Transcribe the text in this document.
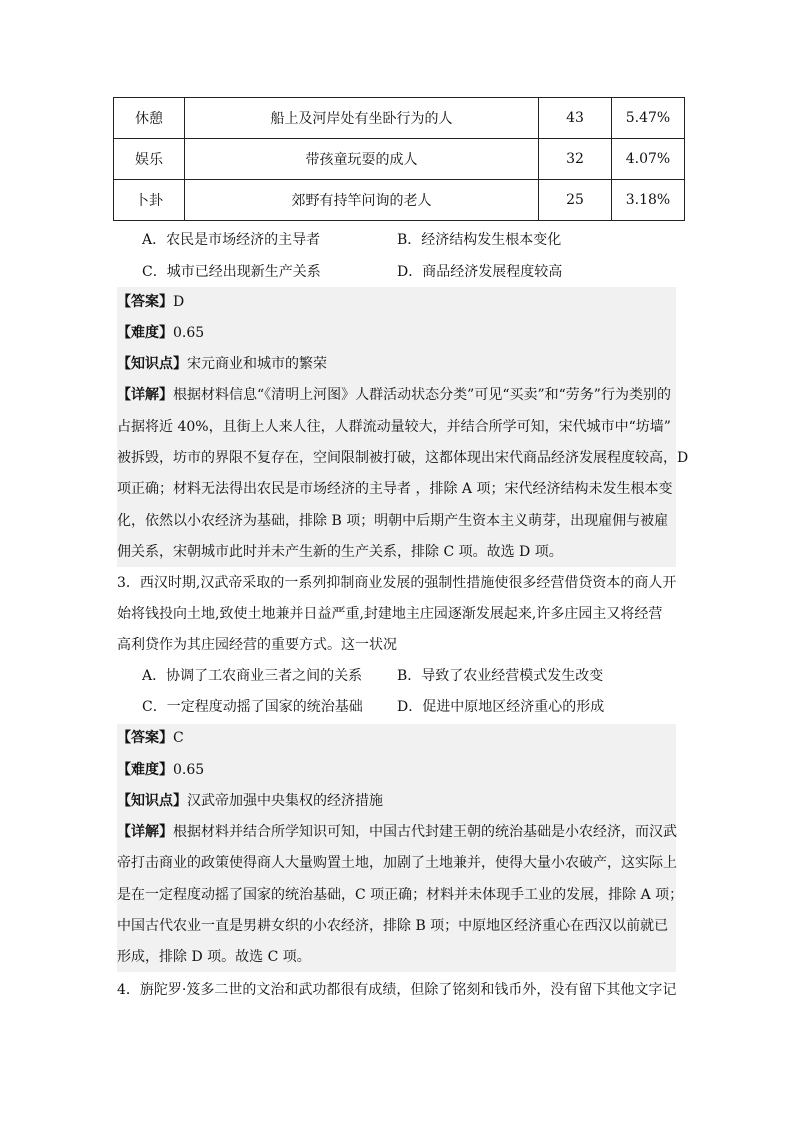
休憩	船上及河岸处有坐卧行为的人	43	5.47%
娱乐	带孩童玩耍的成人	32	4.07%
卜卦	郊野有持竿问询的老人	25	3.18%
A．农民是市场经济的主导者	B．经济结构发生根本变化
C．城市已经出现新生产关系	D．商品经济发展程度较高
【答案】D
【难度】0.65
【知识点】宋元商业和城市的繁荣
【详解】根据材料信息“《清明上河图》人群活动状态分类”可见“买卖”和“劳务”行为类别的
占据将近 40%，且街上人来人往，人群流动量较大，并结合所学可知，宋代城市中“坊墙”
被拆毁，坊市的界限不复存在，空间限制被打破，这都体现出宋代商品经济发展程度较高，D
项正确；材料无法得出农民是市场经济的主导者 ，排除 A 项；宋代经济结构未发生根本变
化，依然以小农经济为基础，排除 B 项；明朝中后期产生资本主义萌芽，出现雇佣与被雇
佣关系，宋朝城市此时并未产生新的生产关系，排除 C 项。故选 D 项。
3．西汉时期,汉武帝采取的一系列抑制商业发展的强制性措施使很多经营借贷资本的商人开
始将钱投向土地,致使土地兼并日益严重,封建地主庄园逐渐发展起来,许多庄园主又将经营
高利贷作为其庄园经营的重要方式。这一状况
A．协调了工农商业三者之间的关系 B．导致了农业经营模式发生改变
C．一定程度动摇了国家的统治基础 D．促进中原地区经济重心的形成
【答案】C
【难度】0.65
【知识点】汉武帝加强中央集权的经济措施
【详解】根据材料并结合所学知识可知，中国古代封建王朝的统治基础是小农经济，而汉武
帝打击商业的政策使得商人大量购置土地，加剧了土地兼并，使得大量小农破产，这实际上
是在一定程度动摇了国家的统治基础，C 项正确；材料并未体现手工业的发展，排除 A 项；
中国古代农业一直是男耕女织的小农经济，排除 B 项；中原地区经济重心在西汉以前就已
形成，排除 D 项。故选 C 项。
4．旃陀罗·笈多二世的文治和武功都很有成绩，但除了铭刻和钱币外，没有留下其他文字记
